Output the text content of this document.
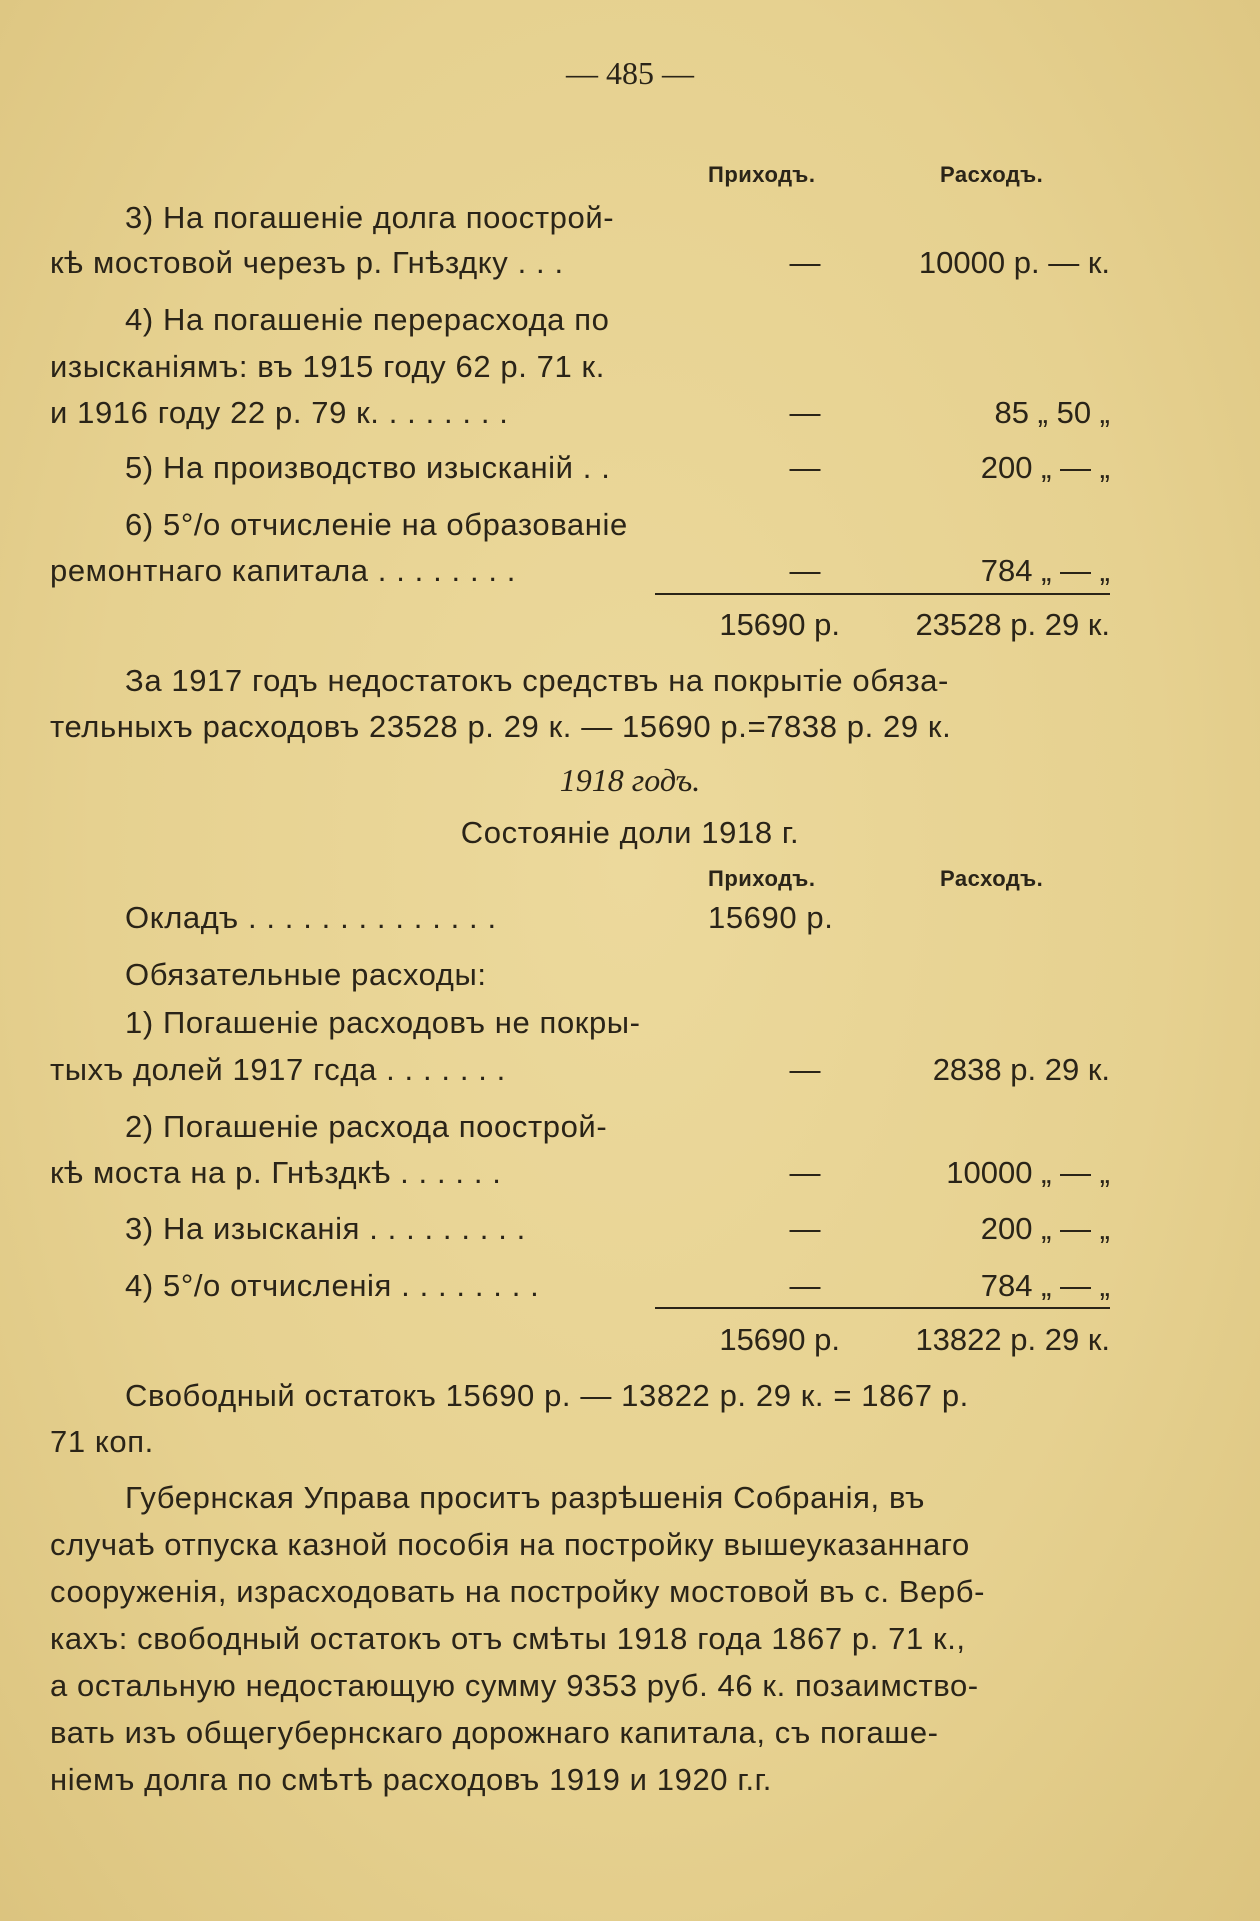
— 485 —
Приходъ.	Расходъ.
3) На погашеніе долга поострой-
кѣ мостовой черезъ р. Гнѣздку . . .	—	10000 р. — к.
4) На погашеніе перерасхода по
изысканіямъ: въ 1915 году 62 р. 71 к.
и 1916 году 22 р. 79 к. . . . . . . .	—	85 „ 50 „
5) На производство изысканій . .	—	200 „ — „
6) 5°/o отчисленіе на образованіе
ремонтнаго капитала . . . . . . . .	—	784 „ — „
15690 р.	23528 р. 29 к.
За 1917 годъ недостатокъ средствъ на покрытіе обяза-
тельныхъ расходовъ 23528 р. 29 к. — 15690 р.=7838 р. 29 к.
1918 годъ.
Состояніе доли 1918 г.
Приходъ.	Расходъ.
Окладъ . . . . . . . . . . . . . .	15690 р.
Обязательные расходы:
1) Погашеніе расходовъ не покры-
тыхъ долей 1917 гсда . . . . . . .	—	2838 р. 29 к.
2) Погашеніе расхода поострой-
кѣ моста на р. Гнѣздкѣ . . . . . .	—	10000 „ — „
3) На изысканія . . . . . . . . .	—	200 „ — „
4) 5°/o отчисленія . . . . . . . .	—	784 „ — „
15690 р.	13822 р. 29 к.
Свободный остатокъ 15690 р. — 13822 р. 29 к. = 1867 р.
71 коп.
Губернская Управа проситъ разрѣшенія Собранія, въ
случаѣ отпуска казной пособія на постройку вышеуказаннаго
сооруженія, израсходовать на постройку мостовой въ с. Верб-
кахъ: свободный остатокъ отъ смѣты 1918 года 1867 р. 71 к.,
а остальную недостающую сумму 9353 руб. 46 к. позаимство-
вать изъ общегубернскаго дорожнаго капитала, съ погаше-
ніемъ долга по смѣтѣ расходовъ 1919 и 1920 г.г.
